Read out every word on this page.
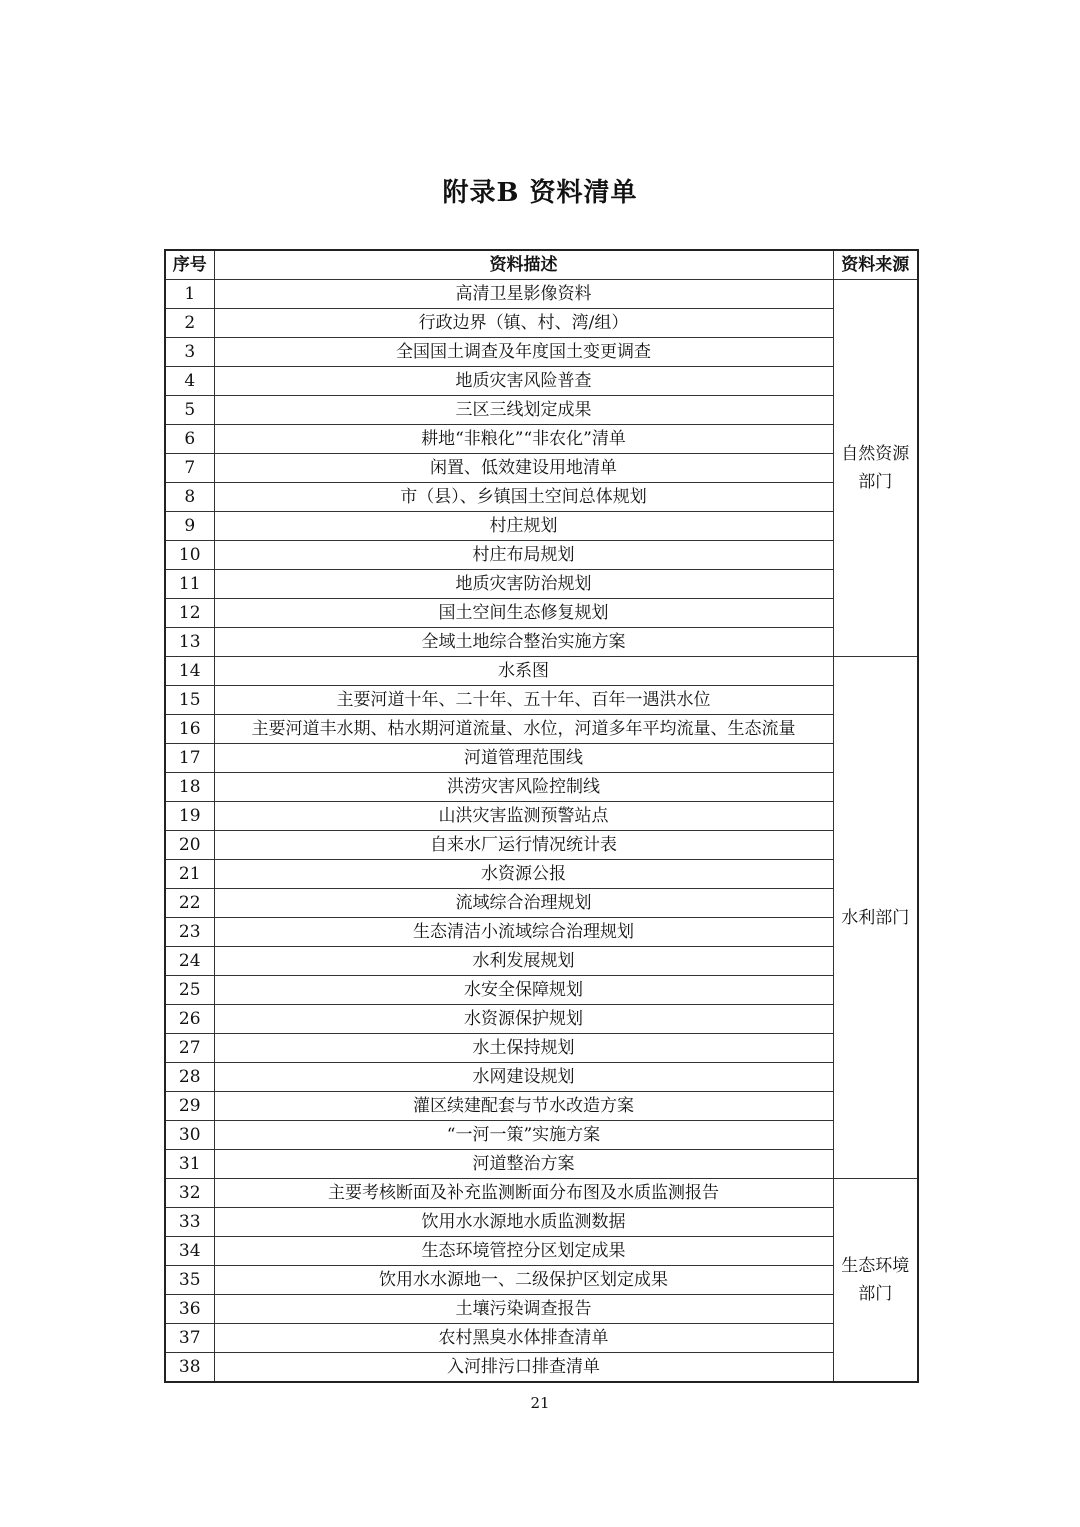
附录B 资料清单
序号	资料描述	资料来源
1	高清卫星影像资料	自然资源部门
2	行政边界（镇、村、湾/组）	
3	全国国土调查及年度国土变更调查	
4	地质灾害风险普查	
5	三区三线划定成果	
6	耕地“非粮化”“非农化”清单	
7	闲置、低效建设用地清单	
8	市（县）、乡镇国土空间总体规划	
9	村庄规划	
10	村庄布局规划	
11	地质灾害防治规划	
12	国土空间生态修复规划	
13	全域土地综合整治实施方案	
14	水系图	水利部门
15	主要河道十年、二十年、五十年、百年一遇洪水位	
16	主要河道丰水期、枯水期河道流量、水位，河道多年平均流量、生态流量	
17	河道管理范围线	
18	洪涝灾害风险控制线	
19	山洪灾害监测预警站点	
20	自来水厂运行情况统计表	
21	水资源公报	
22	流域综合治理规划	
23	生态清洁小流域综合治理规划	
24	水利发展规划	
25	水安全保障规划	
26	水资源保护规划	
27	水土保持规划	
28	水网建设规划	
29	灌区续建配套与节水改造方案	
30	“一河一策”实施方案	
31	河道整治方案	
32	主要考核断面及补充监测断面分布图及水质监测报告	生态环境部门
33	饮用水水源地水质监测数据	
34	生态环境管控分区划定成果	
35	饮用水水源地一、二级保护区划定成果	
36	土壤污染调查报告	
37	农村黑臭水体排查清单	
38	入河排污口排查清单	
21
